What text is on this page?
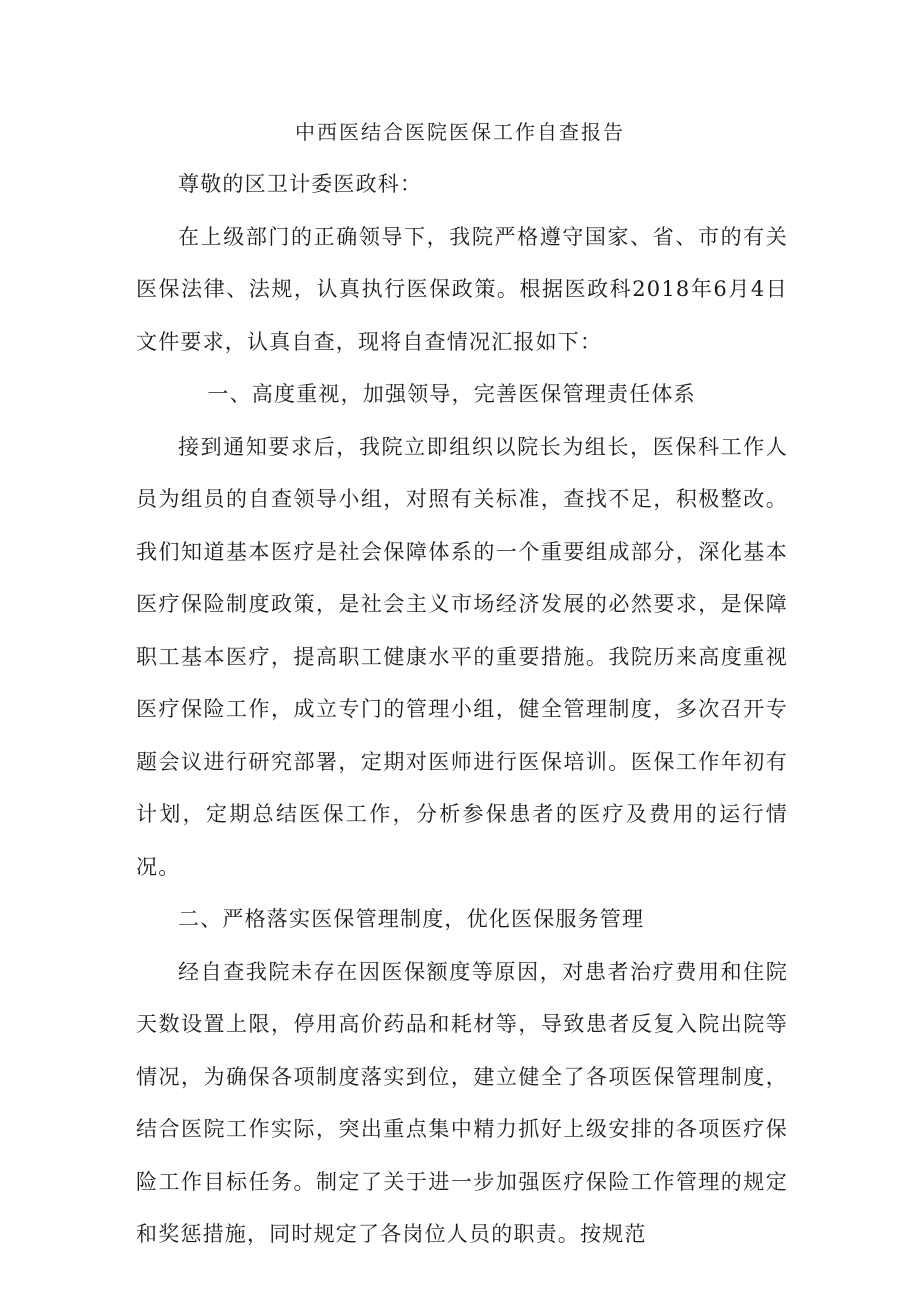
中西医结合医院医保工作自查报告

尊敬的区卫计委医政科：

在上级部门的正确领导下，我院严格遵守国家、省、市的有关医保法律、法规，认真执行医保政策。根据医政科2018年6月4日文件要求，认真自查，现将自查情况汇报如下：

一、高度重视，加强领导，完善医保管理责任体系

接到通知要求后，我院立即组织以院长为组长，医保科工作人员为组员的自查领导小组，对照有关标准，查找不足，积极整改。我们知道基本医疗是社会保障体系的一个重要组成部分，深化基本医疗保险制度政策，是社会主义市场经济发展的必然要求，是保障职工基本医疗，提高职工健康水平的重要措施。我院历来高度重视医疗保险工作，成立专门的管理小组，健全管理制度，多次召开专题会议进行研究部署，定期对医师进行医保培训。医保工作年初有计划，定期总结医保工作，分析参保患者的医疗及费用的运行情况。

二、严格落实医保管理制度，优化医保服务管理

经自查我院未存在因医保额度等原因，对患者治疗费用和住院天数设置上限，停用高价药品和耗材等，导致患者反复入院出院等情况，为确保各项制度落实到位，建立健全了各项医保管理制度，结合医院工作实际，突出重点集中精力抓好上级安排的各项医疗保险工作目标任务。制定了关于进一步加强医疗保险工作管理的规定和奖惩措施，同时规定了各岗位人员的职责。按规范
